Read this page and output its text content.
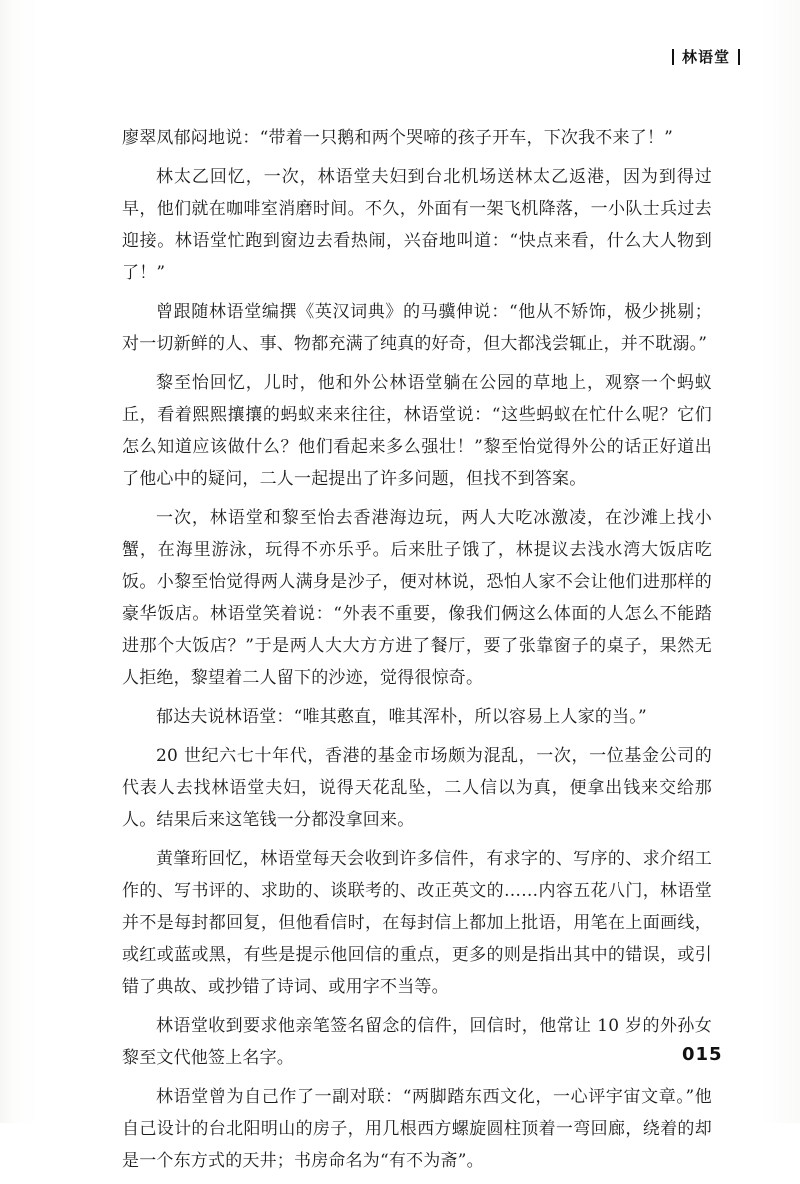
林语堂

廖翠凤郁闷地说：“带着一只鹅和两个哭啼的孩子开车，下次我不来了！”

林太乙回忆，一次，林语堂夫妇到台北机场送林太乙返港，因为到得过早，他们就在咖啡室消磨时间。不久，外面有一架飞机降落，一小队士兵过去迎接。林语堂忙跑到窗边去看热闹，兴奋地叫道：“快点来看，什么大人物到了！”

曾跟随林语堂编撰《英汉词典》的马骥伸说：“他从不矫饰，极少挑剔；对一切新鲜的人、事、物都充满了纯真的好奇，但大都浅尝辄止，并不耽溺。”

黎至怡回忆，儿时，他和外公林语堂躺在公园的草地上，观察一个蚂蚁丘，看着熙熙攘攘的蚂蚁来来往往，林语堂说：“这些蚂蚁在忙什么呢？它们怎么知道应该做什么？他们看起来多么强壮！”黎至怡觉得外公的话正好道出了他心中的疑问，二人一起提出了许多问题，但找不到答案。

一次，林语堂和黎至怡去香港海边玩，两人大吃冰激凌，在沙滩上找小蟹，在海里游泳，玩得不亦乐乎。后来肚子饿了，林提议去浅水湾大饭店吃饭。小黎至怡觉得两人满身是沙子，便对林说，恐怕人家不会让他们进那样的豪华饭店。林语堂笑着说：“外表不重要，像我们俩这么体面的人怎么不能踏进那个大饭店？”于是两人大大方方进了餐厅，要了张靠窗子的桌子，果然无人拒绝，黎望着二人留下的沙迹，觉得很惊奇。

郁达夫说林语堂：“唯其憨直，唯其浑朴，所以容易上人家的当。”

20 世纪六七十年代，香港的基金市场颇为混乱，一次，一位基金公司的代表人去找林语堂夫妇，说得天花乱坠，二人信以为真，便拿出钱来交给那人。结果后来这笔钱一分都没拿回来。

黄肇珩回忆，林语堂每天会收到许多信件，有求字的、写序的、求介绍工作的、写书评的、求助的、谈联考的、改正英文的……内容五花八门，林语堂并不是每封都回复，但他看信时，在每封信上都加上批语，用笔在上面画线，或红或蓝或黑，有些是提示他回信的重点，更多的则是指出其中的错误，或引错了典故、或抄错了诗词、或用字不当等。

林语堂收到要求他亲笔签名留念的信件，回信时，他常让 10 岁的外孙女黎至文代他签上名字。

林语堂曾为自己作了一副对联：“两脚踏东西文化，一心评宇宙文章。”他自己设计的台北阳明山的房子，用几根西方螺旋圆柱顶着一弯回廊，绕着的却是一个东方式的天井；书房命名为“有不为斋”。

015
